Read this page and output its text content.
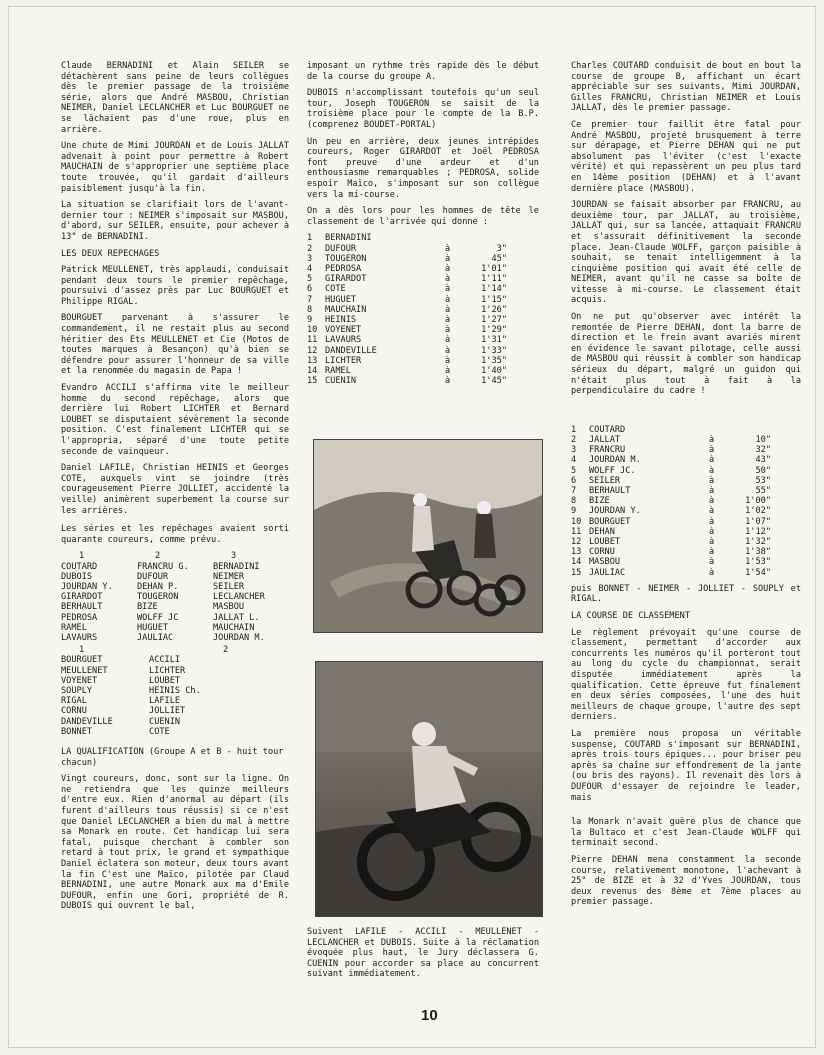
Claude BERNADINI et Alain SEILER se détachèrent sans peine de leurs collègues dès le premier passage de la troisième série, alors que André MASBOU, Christian NEIMER, Daniel LECLANCHER et Luc BOURGUET ne se lâchaient pas d'une roue, plus en arrière.

Une chute de Mimi JOURDAN et de Louis JALLAT advenait à point pour permettre à Robert MAUCHAIN de s'approprier une septième place toute trouvée, qu'il gardait d'ailleurs paisiblement jusqu'à la fin.

La situation se clarifiait lors de l'avant-dernier tour : NEIMER s'imposait sur MASBOU, d'abord, sur SEILER, ensuite, pour achever à 13" de BERNADINI.

LES DEUX REPECHAGES

Patrick MEULLENET, très applaudi, conduisait pendant deux tours le premier repêchage, poursuivi d'assez près par Luc BOURGUET et Philippe RIGAL.

BOURGUET parvenant à s'assurer le commandement, il ne restait plus au second héritier des Ets MEULLENET et Cie (Motos de toutes marques à Besançon) qu'à bien se défendre pour assurer l'honneur de sa ville et la renommée du magasin de Papa !

Evandro ACCILI s'affirma vite le meilleur homme du second repêchage, alors que derrière lui Robert LICHTER et Bernard LOUBET se disputaient sévèrement la seconde position. C'est finalement LICHTER qui se l'appropria, séparé d'une toute petite seconde de vainqueur.

Daniel LAFILE, Christian HEINIS et Georges COTE, auxquels vint se joindre (très courageusement Pierre JOLLIET, accidenté la veille) animèrent superbement la course sur les arrières.

Les séries et les repêchages avaient sorti quarante coureurs, comme prévu.

1	2	3
COUTARD	FRANCRU G.	BERNADINI
DUBOIS	DUFOUR	NEIMER
JOURDAN Y.	DEHAN P.	SEILER
GIRARDOT	TOUGERON	LECLANCHER
BERHAULT	BIZE	MASBOU
PEDROSA	WOLFF JC	JALLAT L.
RAMEL	HUGUET	MAUCHAIN
LAVAURS	JAULIAC	JOURDAN M.
1	2
BOURGUET	ACCILI
MEULLENET	LICHTER
VOYENET	LOUBET
SOUPLY	HEINIS Ch.
RIGAL	LAFILE
CORNU	JOLLIET
DANDEVILLE	CUENIN
BONNET	COTE
LA QUALIFICATION (Groupe A et B - huit tour chacun)

Vingt coureurs, donc, sont sur la ligne. On ne retiendra que les quinze meilleurs d'entre eux. Rien d'anormal au départ (ils furent d'ailleurs tous réussis) si ce n'est que Daniel LECLANCHER a bien du mal à mettre sa Monark en route. Cet handicap lui sera fatal, puisque cherchant à combler son retard à tout prix, le grand et sympathique Daniel éclatera son moteur, deux tours avant la fin C'est une Maïco, pilotée par Claud BERNADINI, une autre Monark aux ma d'Emile DUFOUR, enfin une Gori, propriété de R. DUBOIS qui ouvrent le bal,

imposant un rythme très rapide dès le début de la course du groupe A.

DUBOIS n'accomplissant toutefois qu'un seul tour, Joseph TOUGERON se saisit de la troisième place pour le compte de la B.P. (comprenez BOUDET-PORTAL)

Un peu en arrière, deux jeunes intrépides coureurs, Roger GIRARDOT et Joël PEDROSA font preuve d'une ardeur et d'un enthousiasme remarquables ; PEDROSA, solide espoir Maïco, s'imposant sur son collègue vers la mi-course.

On a dès lors pour les hommes de tête le classement de l'arrivée qui donne :

1	BERNADINI		
2	DUFOUR	à	3"
3	TOUGERON	à	45"
4	PEDROSA	à	1'01"
5	GIRARDOT	à	1'11"
6	COTE	à	1'14"
7	HUGUET	à	1'15"
8	MAUCHAIN	à	1'26"
9	HEINIS	à	1'27"
10	VOYENET	à	1'29"
11	LAVAURS	à	1'31"
12	DANDEVILLE	à	1'33"
13	LICHTER	à	1'35"
14	RAMEL	à	1'40"
15	CUENIN	à	1'45"

Suivent LAFILE - ACCILI - MEULLENET - LECLANCHER et DUBOIS. Suite à la réclamation évoquée plus haut, le Jury déclassera G. CUENIN pour accorder sa place au concurrent suivant immédiatement.

Charles COUTARD conduisit de bout en bout la course de groupe B, affichant un écart appréciable sur ses suivants, Mimi JOURDAN, Gilles FRANCRU, Christian NEIMER et Louis JALLAT, dès le premier passage.

Ce premier tour faillit être fatal pour André MASBOU, projeté brusquement à terre sur dérapage, et Pierre DEHAN qui ne put absolument pas l'éviter (c'est l'exacte vérité) et qui repassèrent un peu plus tard en 14ème position (DEHAN) et à l'avant dernière place (MASBOU).

JOURDAN se faisait absorber par FRANCRU, au deuxième tour, par JALLAT, au troisième, JALLAT qui, sur sa lancée, attaquait FRANCRU et s'assurait définitivement la seconde place. Jean-Claude WOLFF, garçon paisible à souhait, se tenait intelligemment à la cinquième position qui avait été celle de NEIMER, avant qu'il ne casse sa boîte de vitesse à mi-course. Le classement était acquis.

On ne put qu'observer avec intérêt la remontée de Pierre DEHAN, dont la barre de direction et le frein avant avariés mirent en évidence le savant pilotage, celle aussi de MASBOU qui réussit à combler son handicap sérieux du départ, malgré un guidon qui n'était plus tout à fait à la perpendiculaire du cadre !

1	COUTARD		
2	JALLAT	à	10"
3	FRANCRU	à	32"
4	JOURDAN M.	à	43"
5	WOLFF JC.	à	50"
6	SEILER	à	53"
7	BERHAULT	à	55"
8	BIZE	à	1'00"
9	JOURDAN Y.	à	1'02"
10	BOURGUET	à	1'07"
11	DEHAN	à	1'12"
12	LOUBET	à	1'32"
13	CORNU	à	1'38"
14	MASBOU	à	1'53"
15	JAULIAC	à	1'54"

puis BONNET - NEIMER - JOLLIET - SOUPLY et RIGAL.

LA COURSE DE CLASSEMENT

Le règlement prévoyait qu'une course de classement, permettant d'accorder aux concurrents les numéros qu'il porteront tout au long du cycle du championnat, serait disputée immédiatement après la qualification. Cette épreuve fut finalement en deux séries composées, l'une des huit meilleurs de chaque groupe, l'autre des sept derniers.

La première nous proposa un véritable suspense, COUTARD s'imposant sur BERNADINI, après trois tours épiques... pour briser peu après sa chaîne sur effondrement de la jante (ou bris des rayons). Il revenait dès lors à DUFOUR d'essayer de rejoindre le leader, mais

la Monark n'avait guère plus de chance que la Bultaco et c'est Jean-Claude WOLFF qui terminait second.

Pierre DEHAN mena constamment la seconde course, relativement monotone, l'achevant à 25" de BIZE et à 32 d'Yves JOURDAN, tous deux revenus des 8ème et 7ème places au premier passage.

10
